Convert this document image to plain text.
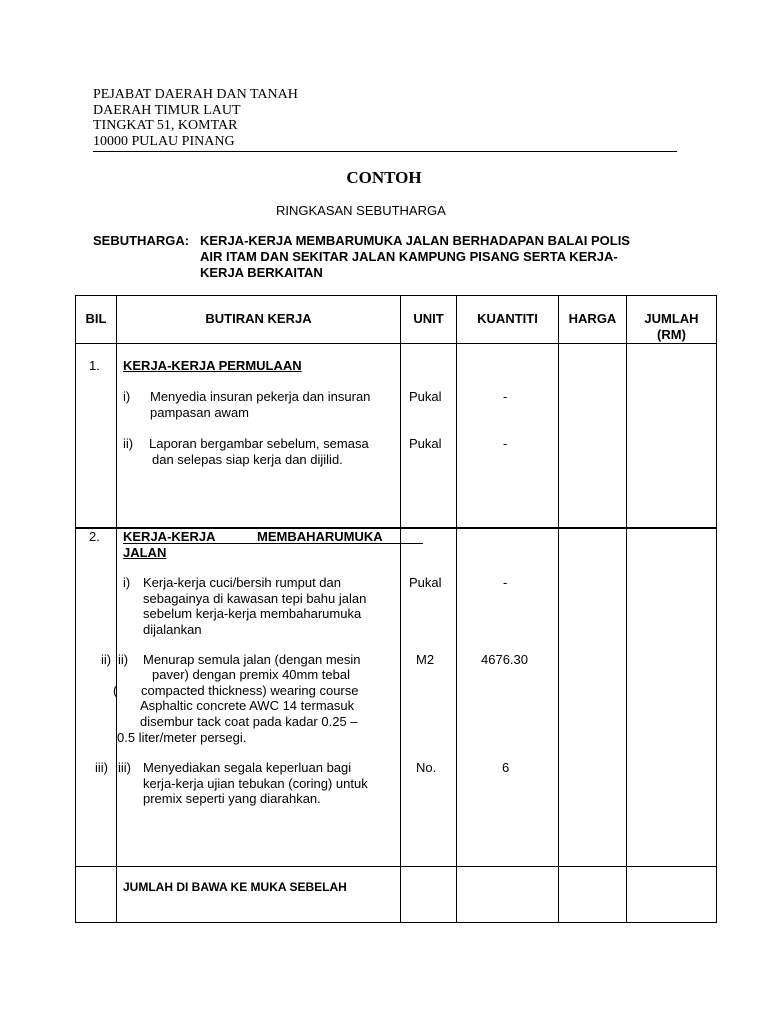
PEJABAT DAERAH DAN TANAH
DAERAH TIMUR LAUT
TINGKAT 51, KOMTAR
10000 PULAU PINANG
CONTOH
RINGKASAN SEBUTHARGA
SEBUTHARGA: KERJA-KERJA MEMBARUMUKA JALAN BERHADAPAN BALAI POLIS
AIR ITAM DAN SEKITAR JALAN KAMPUNG PISANG SERTA KERJA-
KERJA BERKAITAN
BIL	BUTIRAN KERJA	UNIT	KUANTITI	HARGA	JUMLAH
(RM)
1. KERJA-KERJA PERMULAAN
i) Menyedia insuran pekerja dan insuran
pampasan awam
Pukal	-
ii) Laporan bergambar sebelum, semasa
dan selepas siap kerja dan dijilid.
Pukal	-
2. KERJA-KERJA	MEMBAHARUMUKA
JALAN
i) Kerja-kerja cuci/bersih rumput dan
sebagainya di kawasan tepi bahu jalan
sebelum kerja-kerja membaharumuka
dijalankan
Pukal	-
ii) ii) Menurap semula jalan (dengan mesin
paver) dengan premix 40mm tebal
( compacted thickness) wearing course
Asphaltic concrete AWC 14 termasuk
disembur tack coat pada kadar 0.25 –
0.5 liter/meter persegi.
M2	4676.30
iii) iii) Menyediakan segala keperluan bagi
kerja-kerja ujian tebukan (coring) untuk
premix seperti yang diarahkan.
No.	6
JUMLAH DI BAWA KE MUKA SEBELAH
